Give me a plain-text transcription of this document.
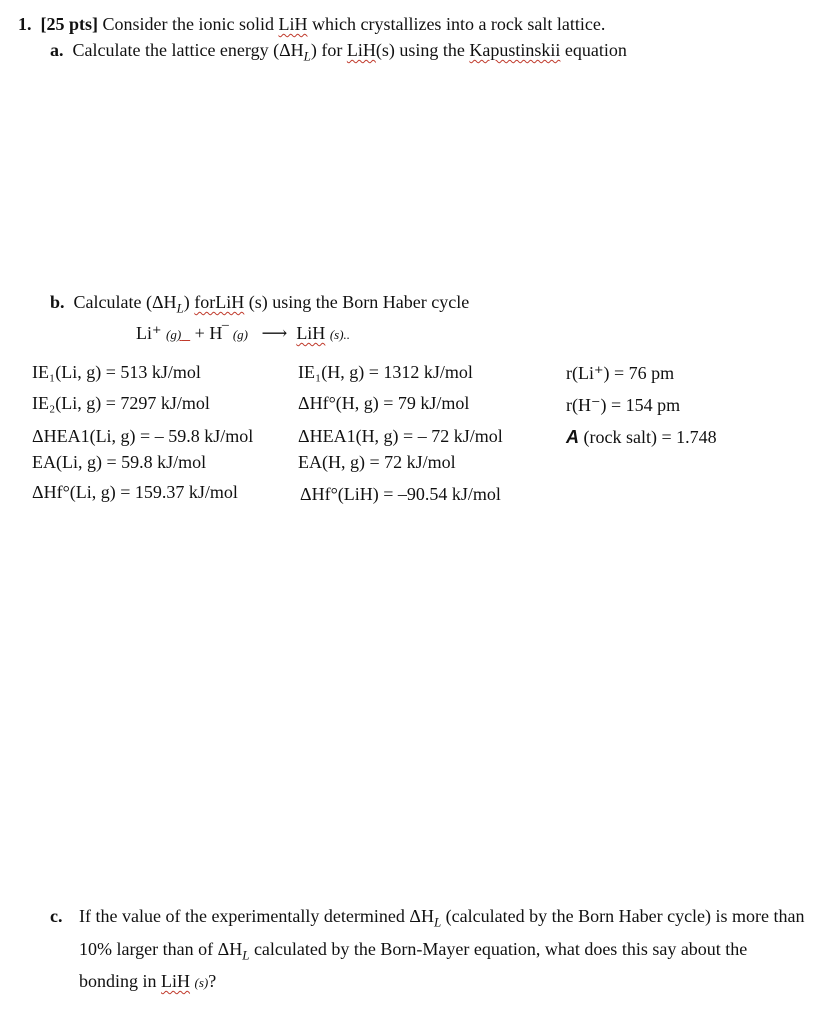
1. [25 pts] Consider the ionic solid LiH which crystallizes into a rock salt lattice.
a. Calculate the lattice energy $(\Delta H_L)$ for LiH(s) using the Kapustinskii equation
b. Calculate $(\Delta H_L)$ forLiH (s) using the Born Haber cycle
Li⁺ (g) + H‾ (g) ⟶ LiH (s)..
IE₁(Li, g) = 513 kJ/mol
IE₂(Li, g) = 7297 kJ/mol
ΔHEA1(Li, g) = – 59.8 kJ/mol
EA(Li, g) = 59.8 kJ/mol
ΔHf°(Li, g) = 159.37 kJ/mol
IE₁(H, g) = 1312 kJ/mol
ΔHf°(H, g) = 79 kJ/mol
ΔHEA1(H, g) = – 72 kJ/mol
EA(H, g) = 72 kJ/mol
ΔHf°(LiH) = –90.54 kJ/mol
r(Li⁺) = 76 pm
r(H⁻) = 154 pm
A (rock salt) = 1.748
c. If the value of the experimentally determined $\Delta H_L$ (calculated by the Born Haber cycle) is more than 10% larger than of $\Delta H_L$ calculated by the Born-Mayer equation, what does this say about the bonding in LiH (s)?
